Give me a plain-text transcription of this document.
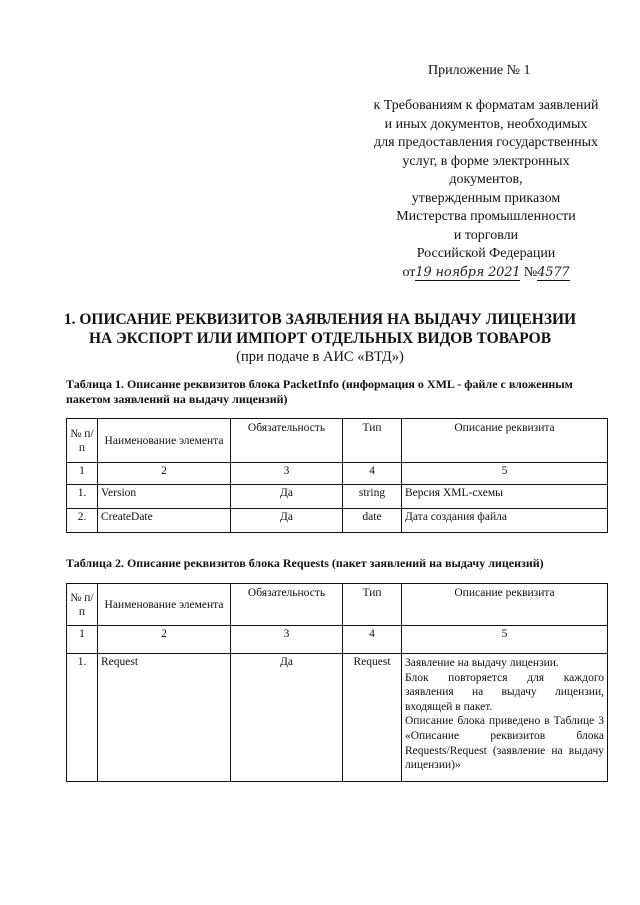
Приложение № 1
к Требованиям к форматам заявлений
и иных документов, необходимых
для предоставления государственных
услуг, в форме электронных
документов,
утвержденным приказом
Мистерства промышленности
и торговли
Российской Федерации
от19 ноября 2021 №4577
1. ОПИСАНИЕ РЕКВИЗИТОВ ЗАЯВЛЕНИЯ НА ВЫДАЧУ ЛИЦЕНЗИИ
НА ЭКСПОРТ ИЛИ ИМПОРТ ОТДЕЛЬНЫХ ВИДОВ ТОВАРОВ
(при подаче в АИС «ВТД»)
Таблица 1. Описание реквизитов блока PacketInfo (информация о XML - файле с вложенным пакетом заявлений на выдачу лицензий)
№ п/п	Наименование элемента	Обязательность	Тип	Описание реквизита
1	2	3	4	5
1.	Version	Да	string	Версия XML-схемы
2.	CreateDate	Да	date	Дата создания файла
Таблица 2. Описание реквизитов блока Requests (пакет заявлений на выдачу лицензий)
№ п/п	Наименование элемента	Обязательность	Тип	Описание реквизита
1	2	3	4	5
1.	Request	Да	Request	Заявление на выдачу лицензии.
Блок повторяется для каждого заявления на выдачу лицензии, входящей в пакет.
Описание блока приведено в Таблице 3 «Описание реквизитов блока Requests/Request (заявление на выдачу лицензии)»
